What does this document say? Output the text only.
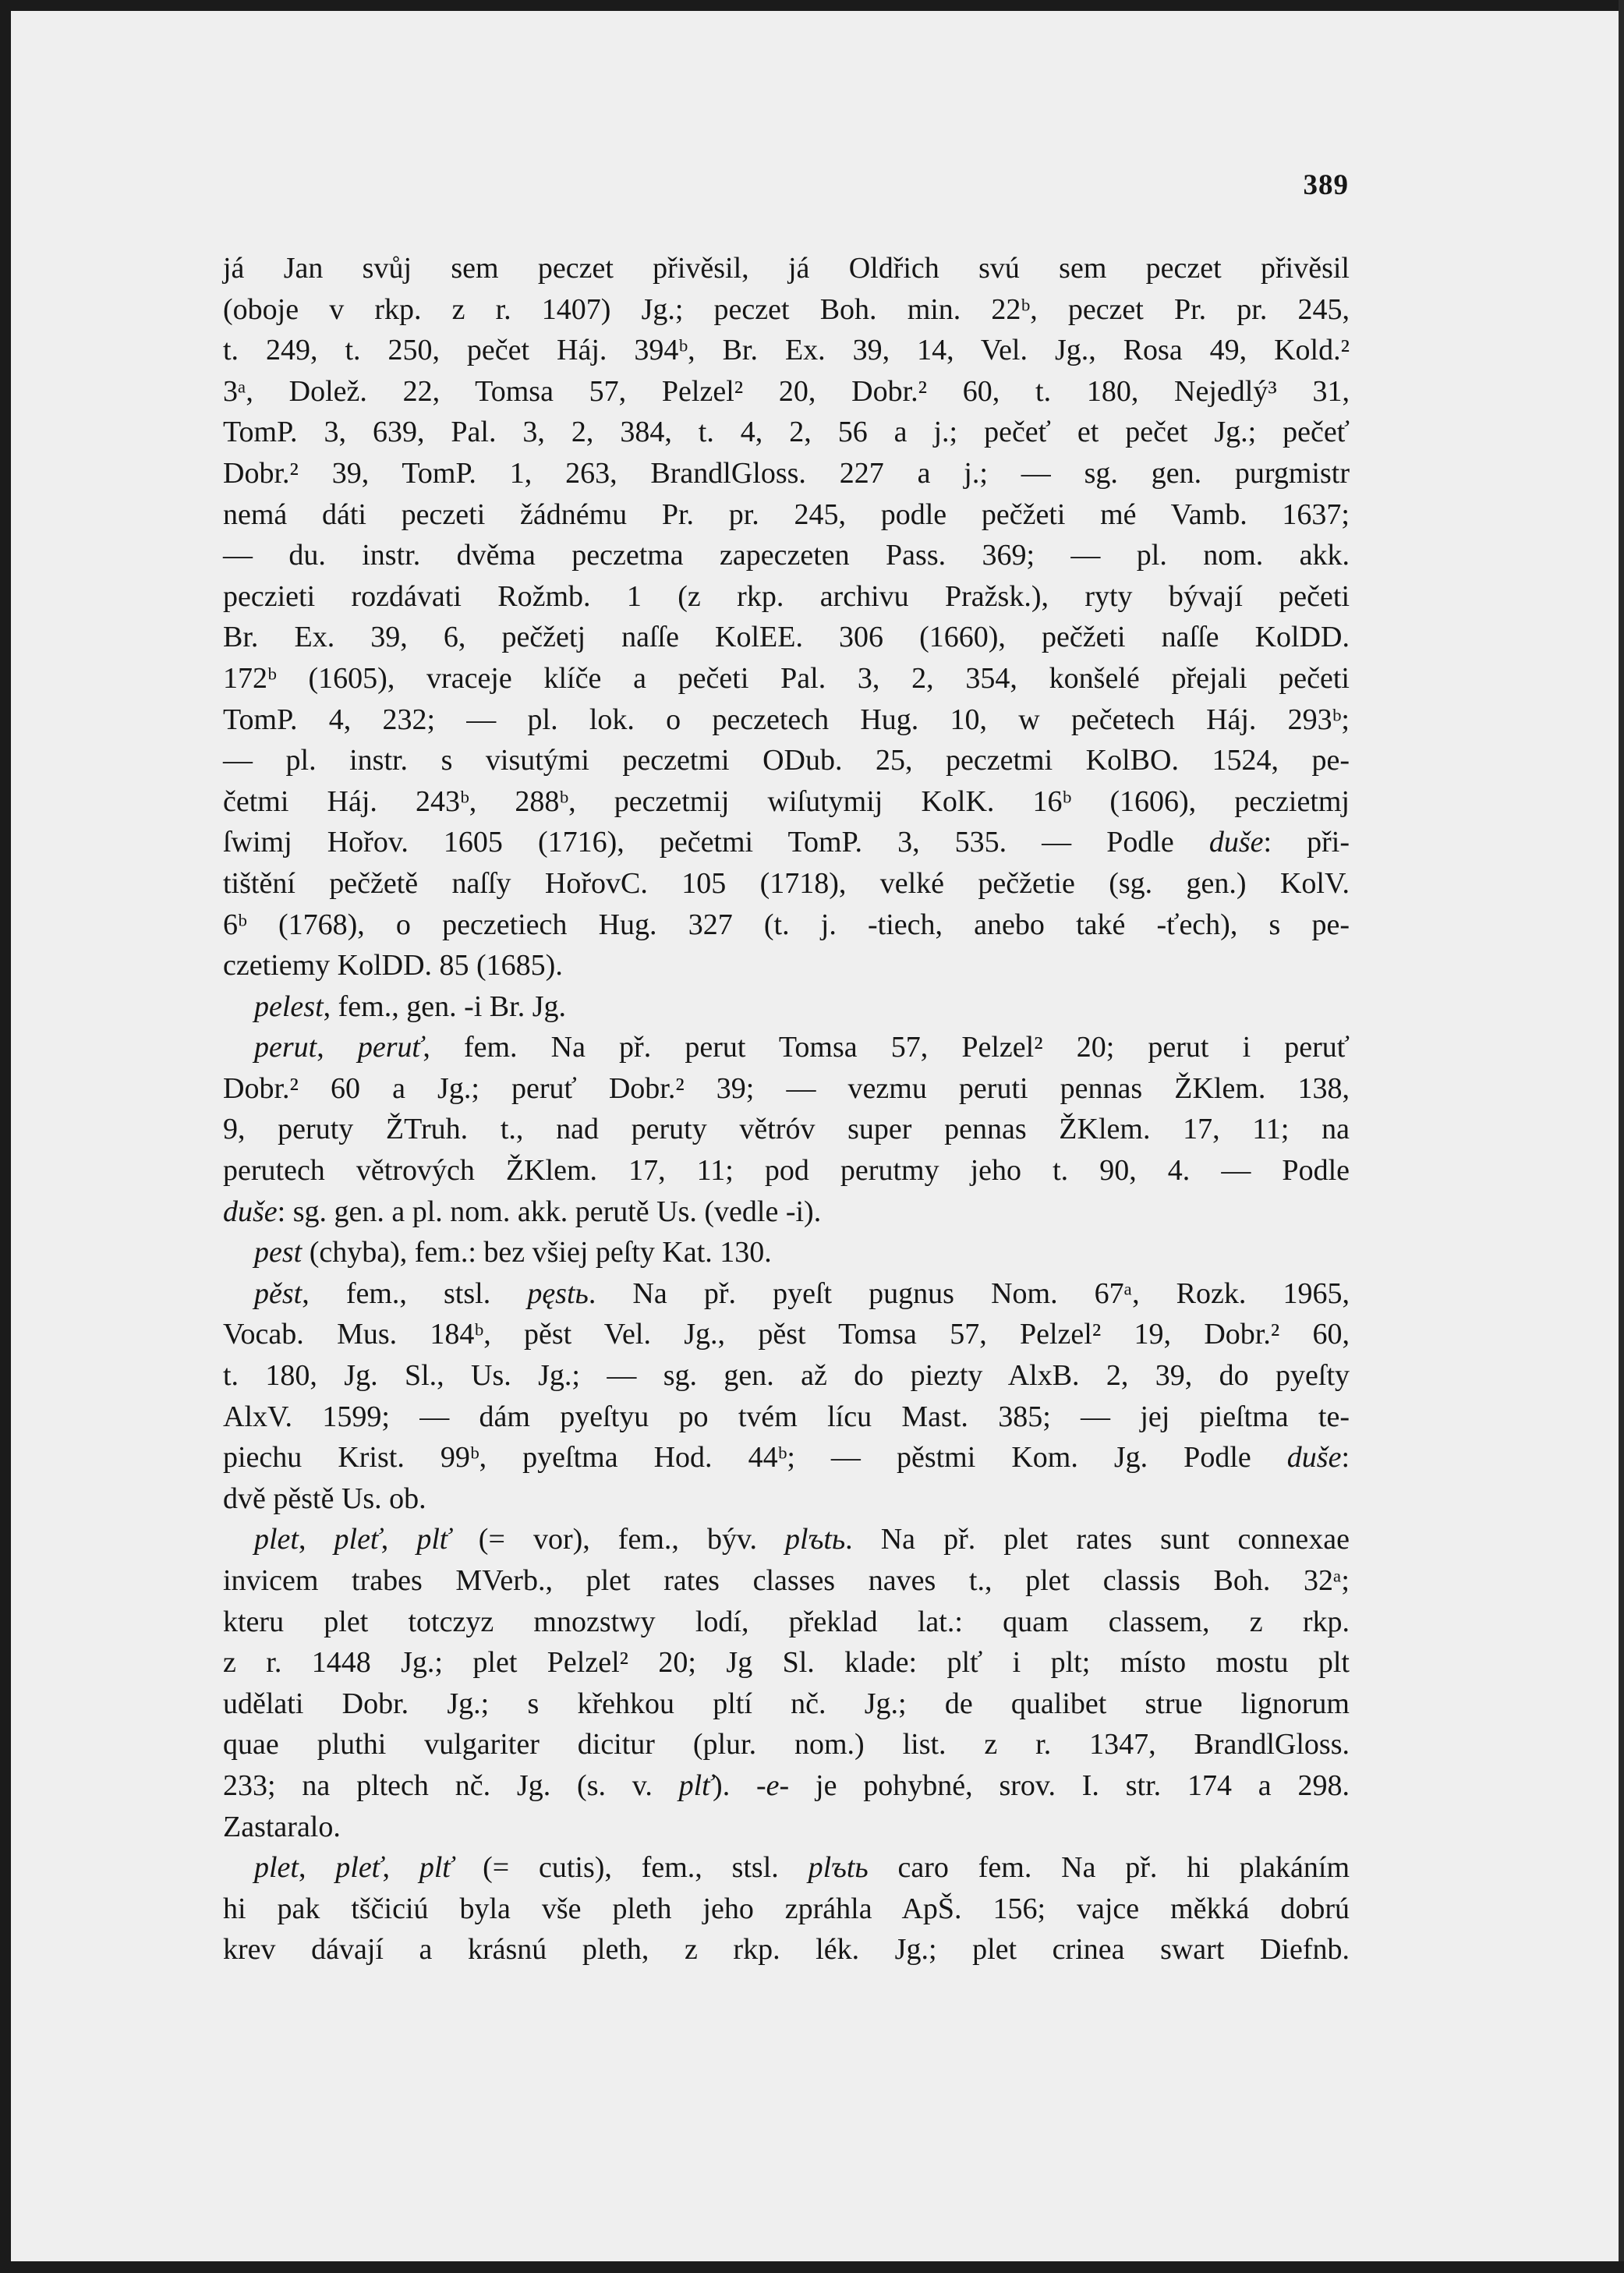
389
já Jan svůj sem peczet přivěsil, já Oldřich svú sem peczet přivěsil
(oboje v rkp. z r. 1407) Jg.; peczet Boh. min. 22ᵇ, peczet Pr. pr. 245,
t. 249, t. 250, pečet Háj. 394ᵇ, Br. Ex. 39, 14, Vel. Jg., Rosa 49, Kold.²
3ᵃ, Dolež. 22, Tomsa 57, Pelzel² 20, Dobr.² 60, t. 180, Nejedlý³ 31,
TomP. 3, 639, Pal. 3, 2, 384, t. 4, 2, 56 a j.; pečeť et pečet Jg.; pečeť
Dobr.² 39, TomP. 1, 263, BrandlGloss. 227 a j.; — sg. gen. purgmistr
nemá dáti peczeti žádnému Pr. pr. 245, podle pečžeti mé Vamb. 1637;
— du. instr. dvěma peczetma zapeczeten Pass. 369; — pl. nom. akk.
peczieti rozdávati Rožmb. 1 (z rkp. archivu Pražsk.), ryty bývají pečeti
Br. Ex. 39, 6, pečžetj naſſe KolEE. 306 (1660), pečžeti naſſe KolDD.
172ᵇ (1605), vraceje klíče a pečeti Pal. 3, 2, 354, konšelé přejali pečeti
TomP. 4, 232; — pl. lok. o peczetech Hug. 10, w pečetech Háj. 293ᵇ;
— pl. instr. s visutými peczetmi ODub. 25, peczetmi KolBO. 1524, pe-
četmi Háj. 243ᵇ, 288ᵇ, peczetmij wiſutymij KolK. 16ᵇ (1606), peczietmj
ſwimj Hořov. 1605 (1716), pečetmi TomP. 3, 535. — Podle duše: při-
tištění pečžetě naſſy HořovC. 105 (1718), velké pečžetie (sg. gen.) KolV.
6ᵇ (1768), o peczetiech Hug. 327 (t. j. -tiech, anebo také -ťech), s pe-
czetiemy KolDD. 85 (1685).
pelest, fem., gen. -i Br. Jg.
perut, peruť, fem. Na př. perut Tomsa 57, Pelzel² 20; perut i peruť
Dobr.² 60 a Jg.; peruť Dobr.² 39; — vezmu peruti pennas ŽKlem. 138,
9, peruty ŽTruh. t., nad peruty větróv super pennas ŽKlem. 17, 11; na
perutech větrových ŽKlem. 17, 11; pod perutmy jeho t. 90, 4. — Podle
duše: sg. gen. a pl. nom. akk. perutě Us. (vedle -i).
pest (chyba), fem.: bez všiej peſty Kat. 130.
pěst, fem., stsl. pęstь. Na př. pyeſt pugnus Nom. 67ᵃ, Rozk. 1965,
Vocab. Mus. 184ᵇ, pěst Vel. Jg., pěst Tomsa 57, Pelzel² 19, Dobr.² 60,
t. 180, Jg. Sl., Us. Jg.; — sg. gen. až do piezty AlxB. 2, 39, do pyeſty
AlxV. 1599; — dám pyeſtyu po tvém lícu Mast. 385; — jej pieſtma te-
piechu Krist. 99ᵇ, pyeſtma Hod. 44ᵇ; — pěstmi Kom. Jg. Podle duše:
dvě pěstě Us. ob.
plet, pleť, plť (= vor), fem., býv. plъtь. Na př. plet rates sunt connexae
invicem trabes MVerb., plet rates classes naves t., plet classis Boh. 32ᵃ;
kteru plet totczyz mnozstwy lodí, překlad lat.: quam classem, z rkp.
z r. 1448 Jg.; plet Pelzel² 20; Jg Sl. klade: plť i plt; místo mostu plt
udělati Dobr. Jg.; s křehkou pltí nč. Jg.; de qualibet strue lignorum
quae pluthi vulgariter dicitur (plur. nom.) list. z r. 1347, BrandlGloss.
233; na pltech nč. Jg. (s. v. plť). -e- je pohybné, srov. I. str. 174 a 298.
Zastaralo.
plet, pleť, plť (= cutis), fem., stsl. plъtь caro fem. Na př. hi plakáním
hi pak tščiciú byla vše pleth jeho zpráhla ApŠ. 156; vajce měkká dobrú
krev dávají a krásnú pleth, z rkp. lék. Jg.; plet crinea swart Diefnb.
